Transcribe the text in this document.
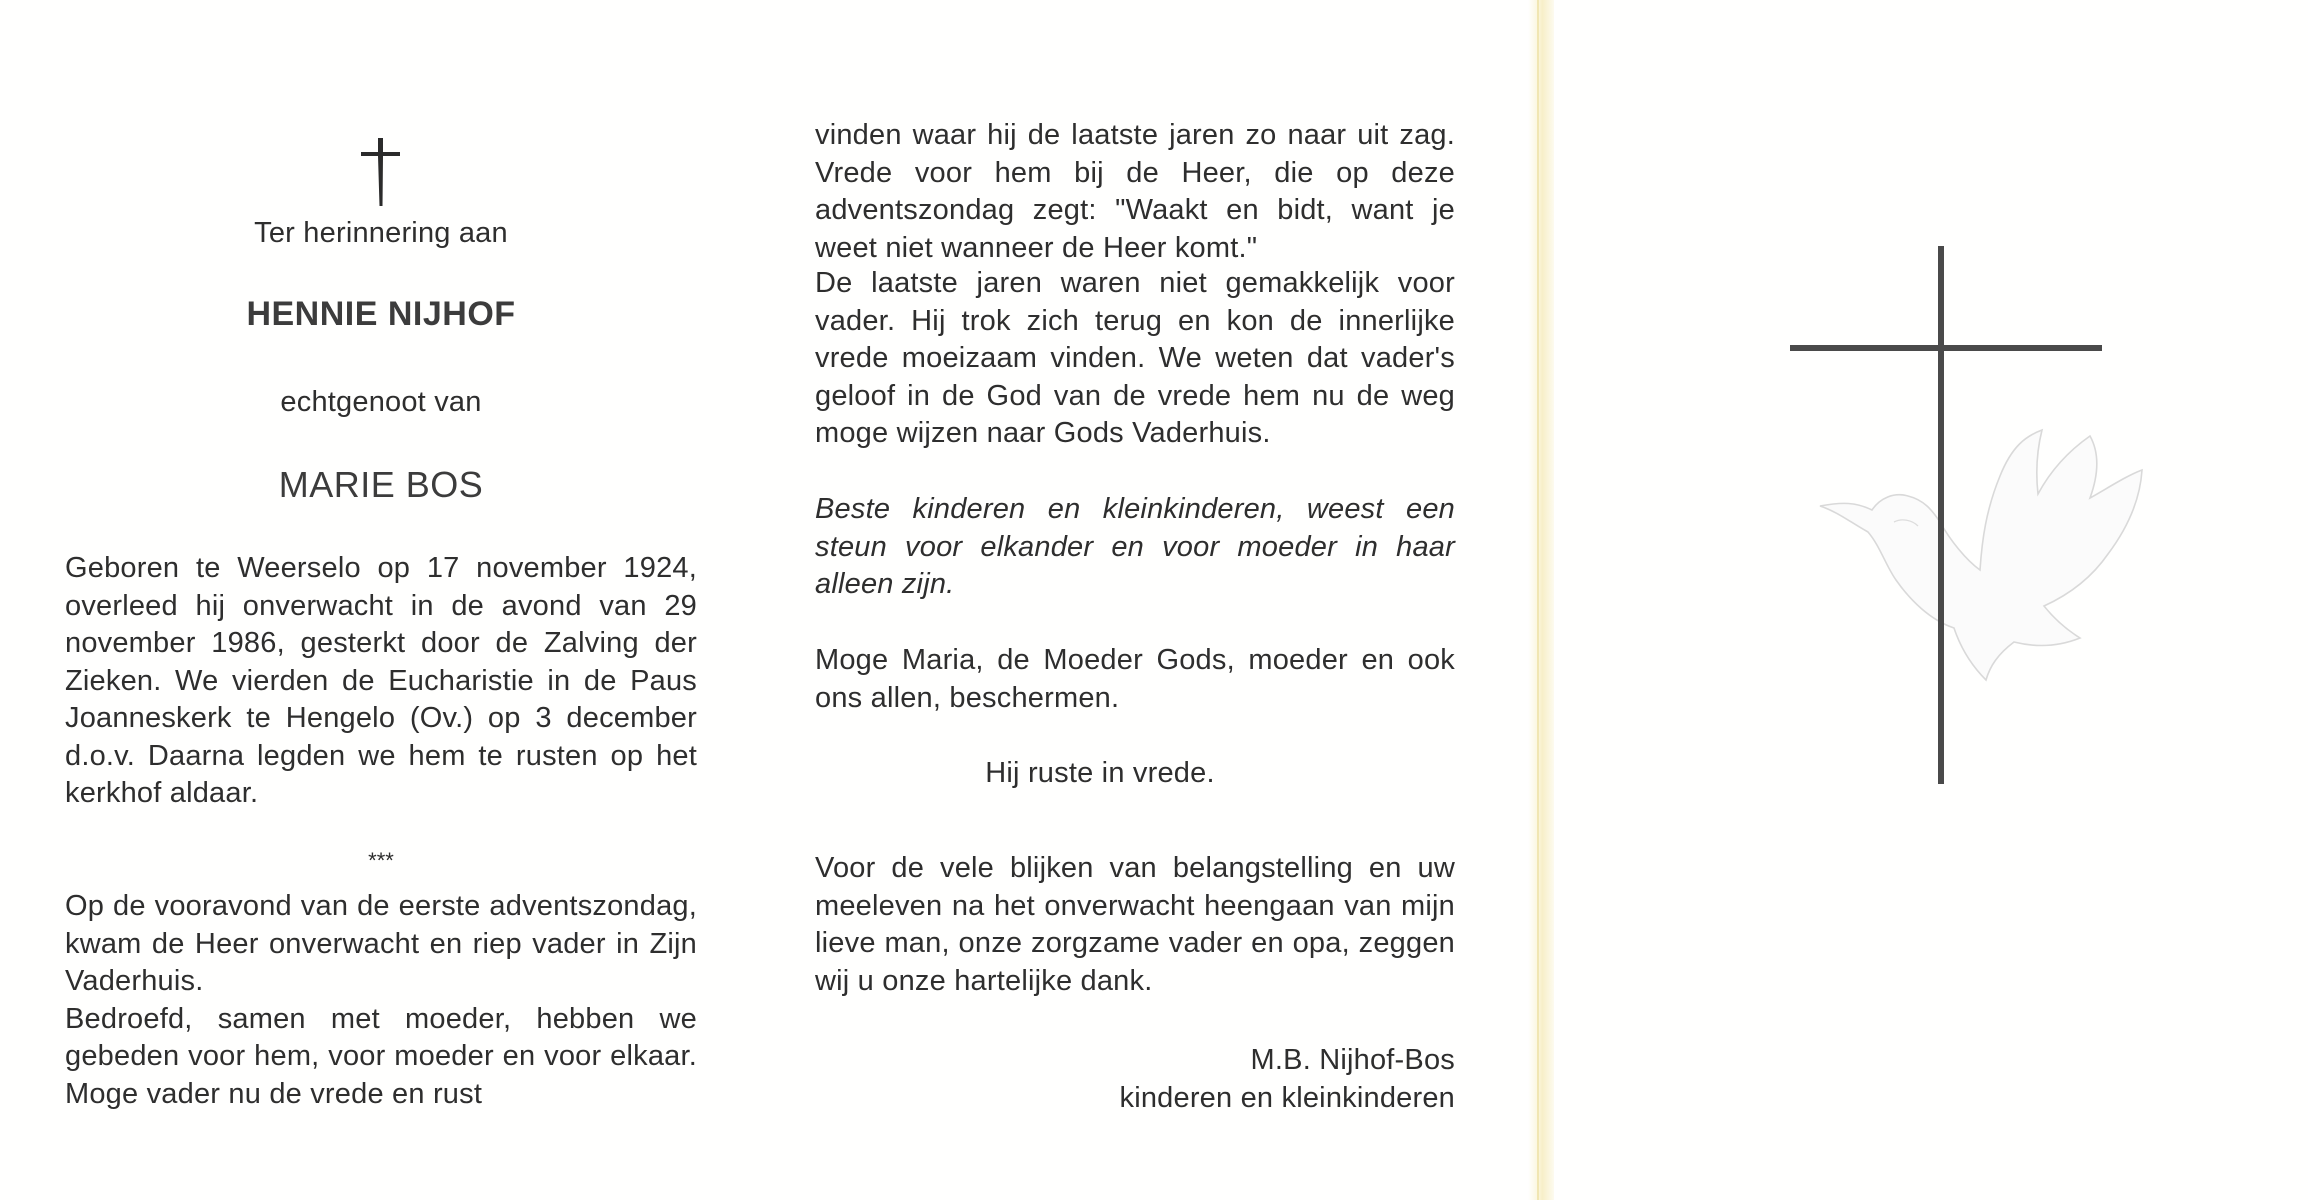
Ter herinnering aan

HENNIE NIJHOF

echtgenoot van

MARIE BOS

Geboren te Weerselo op 17 november 1924, overleed hij onverwacht in de avond van 29 november 1986, gesterkt door de Zalving der Zieken. We vierden de Eucharistie in de Paus Joanneskerk te Hengelo (Ov.) op 3 december d.o.v. Daarna legden we hem te rusten op het kerkhof aldaar.

***

Op de vooravond van de eerste adventszondag, kwam de Heer onverwacht en riep vader in Zijn Vaderhuis.

Bedroefd, samen met moeder, hebben we gebeden voor hem, voor moeder en voor elkaar. Moge vader nu de vrede en rust

vinden waar hij de laatste jaren zo naar uit zag. Vrede voor hem bij de Heer, die op deze adventszondag zegt: "Waakt en bidt, want je weet niet wanneer de Heer komt."

De laatste jaren waren niet gemakkelijk voor vader. Hij trok zich terug en kon de innerlijke vrede moeizaam vinden. We weten dat vader's geloof in de God van de vrede hem nu de weg moge wijzen naar Gods Vaderhuis.

Beste kinderen en kleinkinderen, weest een steun voor elkander en voor moeder in haar alleen zijn.

Moge Maria, de Moeder Gods, moeder en ook ons allen, beschermen.

Hij ruste in vrede.

Voor de vele blijken van belangstelling en uw meeleven na het onverwacht heengaan van mijn lieve man, onze zorgzame vader en opa, zeggen wij u onze hartelijke dank.

M.B. Nijhof-Bos

kinderen en kleinkinderen
